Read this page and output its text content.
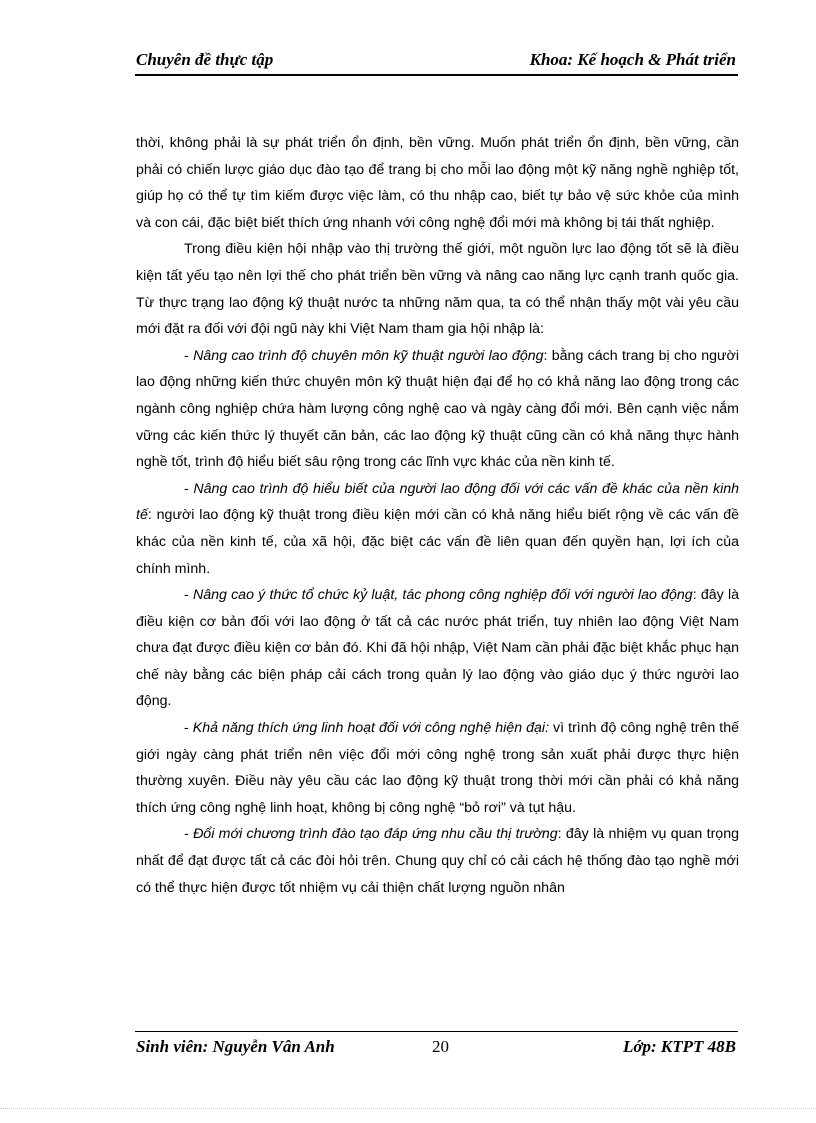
Chuyên đề thực tập	Khoa: Kế hoạch & Phát triển

thời, không phải là sự phát triển ổn định, bền vững. Muốn phát triển ổn định, bền vững, cần phải có chiến lược giáo dục đào tạo để trang bị cho mỗi lao động một kỹ năng nghề nghiệp tốt, giúp họ có thể tự tìm kiếm được việc làm, có thu nhập cao, biết tự bảo vệ sức khỏe của mình và con cái, đặc biệt biết thích ứng nhanh với công nghệ đổi mới mà không bị tái thất nghiệp.

Trong điều kiện hội nhập vào thị trường thế giới, một nguồn lực lao động tốt sẽ là điều kiện tất yếu tạo nên lợi thế cho phát triển bền vững và nâng cao năng lực cạnh tranh quốc gia. Từ thực trạng lao động kỹ thuật nước ta những năm qua, ta có thể nhận thấy một vài yêu cầu mới đặt ra đối với đội ngũ này khi Việt Nam tham gia hội nhập là:

- Nâng cao trình độ chuyên môn kỹ thuật người lao động: bằng cách trang bị cho người lao động những kiến thức chuyên môn kỹ thuật hiện đại để họ có khả năng lao động trong các ngành công nghiệp chứa hàm lượng công nghệ cao và ngày càng đổi mới. Bên cạnh việc nắm vững các kiến thức lý thuyết căn bản, các lao động kỹ thuật cũng cần có khả năng thực hành nghề tốt, trình độ hiểu biết sâu rộng trong các lĩnh vực khác của nền kinh tế.

- Nâng cao trình độ hiểu biết của người lao động đối với các vấn đề khác của nền kinh tế: người lao động kỹ thuật trong điều kiện mới cần có khả năng hiểu biết rộng về các vấn đề khác của nền kinh tế, của xã hội, đặc biệt các vấn đề liên quan đến quyền hạn, lợi ích của chính mình.

- Nâng cao ý thức tổ chức kỷ luật, tác phong công nghiệp đối với người lao động: đây là điều kiện cơ bản đối với lao động ở tất cả các nước phát triển, tuy nhiên lao động Việt Nam chưa đạt được điều kiện cơ bản đó. Khi đã hội nhập, Việt Nam cần phải đặc biệt khắc phục hạn chế này bằng các biện pháp cải cách trong quản lý lao động vào giáo dục ý thức người lao động.

- Khả năng thích ứng linh hoạt đối với công nghệ hiện đại: vì trình độ công nghệ trên thế giới ngày càng phát triển nên việc đổi mới công nghệ trong sản xuất phải được thực hiện thường xuyên. Điều này yêu cầu các lao động kỹ thuật trong thời mới cần phải có khả năng thích ứng công nghệ linh hoạt, không bị công nghệ “bỏ rơi” và tụt hậu.

- Đổi mới chương trình đào tạo đáp ứng nhu cầu thị trường: đây là nhiệm vụ quan trọng nhất để đạt được tất cả các đòi hỏi trên. Chung quy chỉ có cải cách hệ thống đào tạo nghề mới có thể thực hiện được tốt nhiệm vụ cải thiện chất lượng nguồn nhân

Sinh viên: Nguyễn Vân Anh	20	Lớp: KTPT 48B
